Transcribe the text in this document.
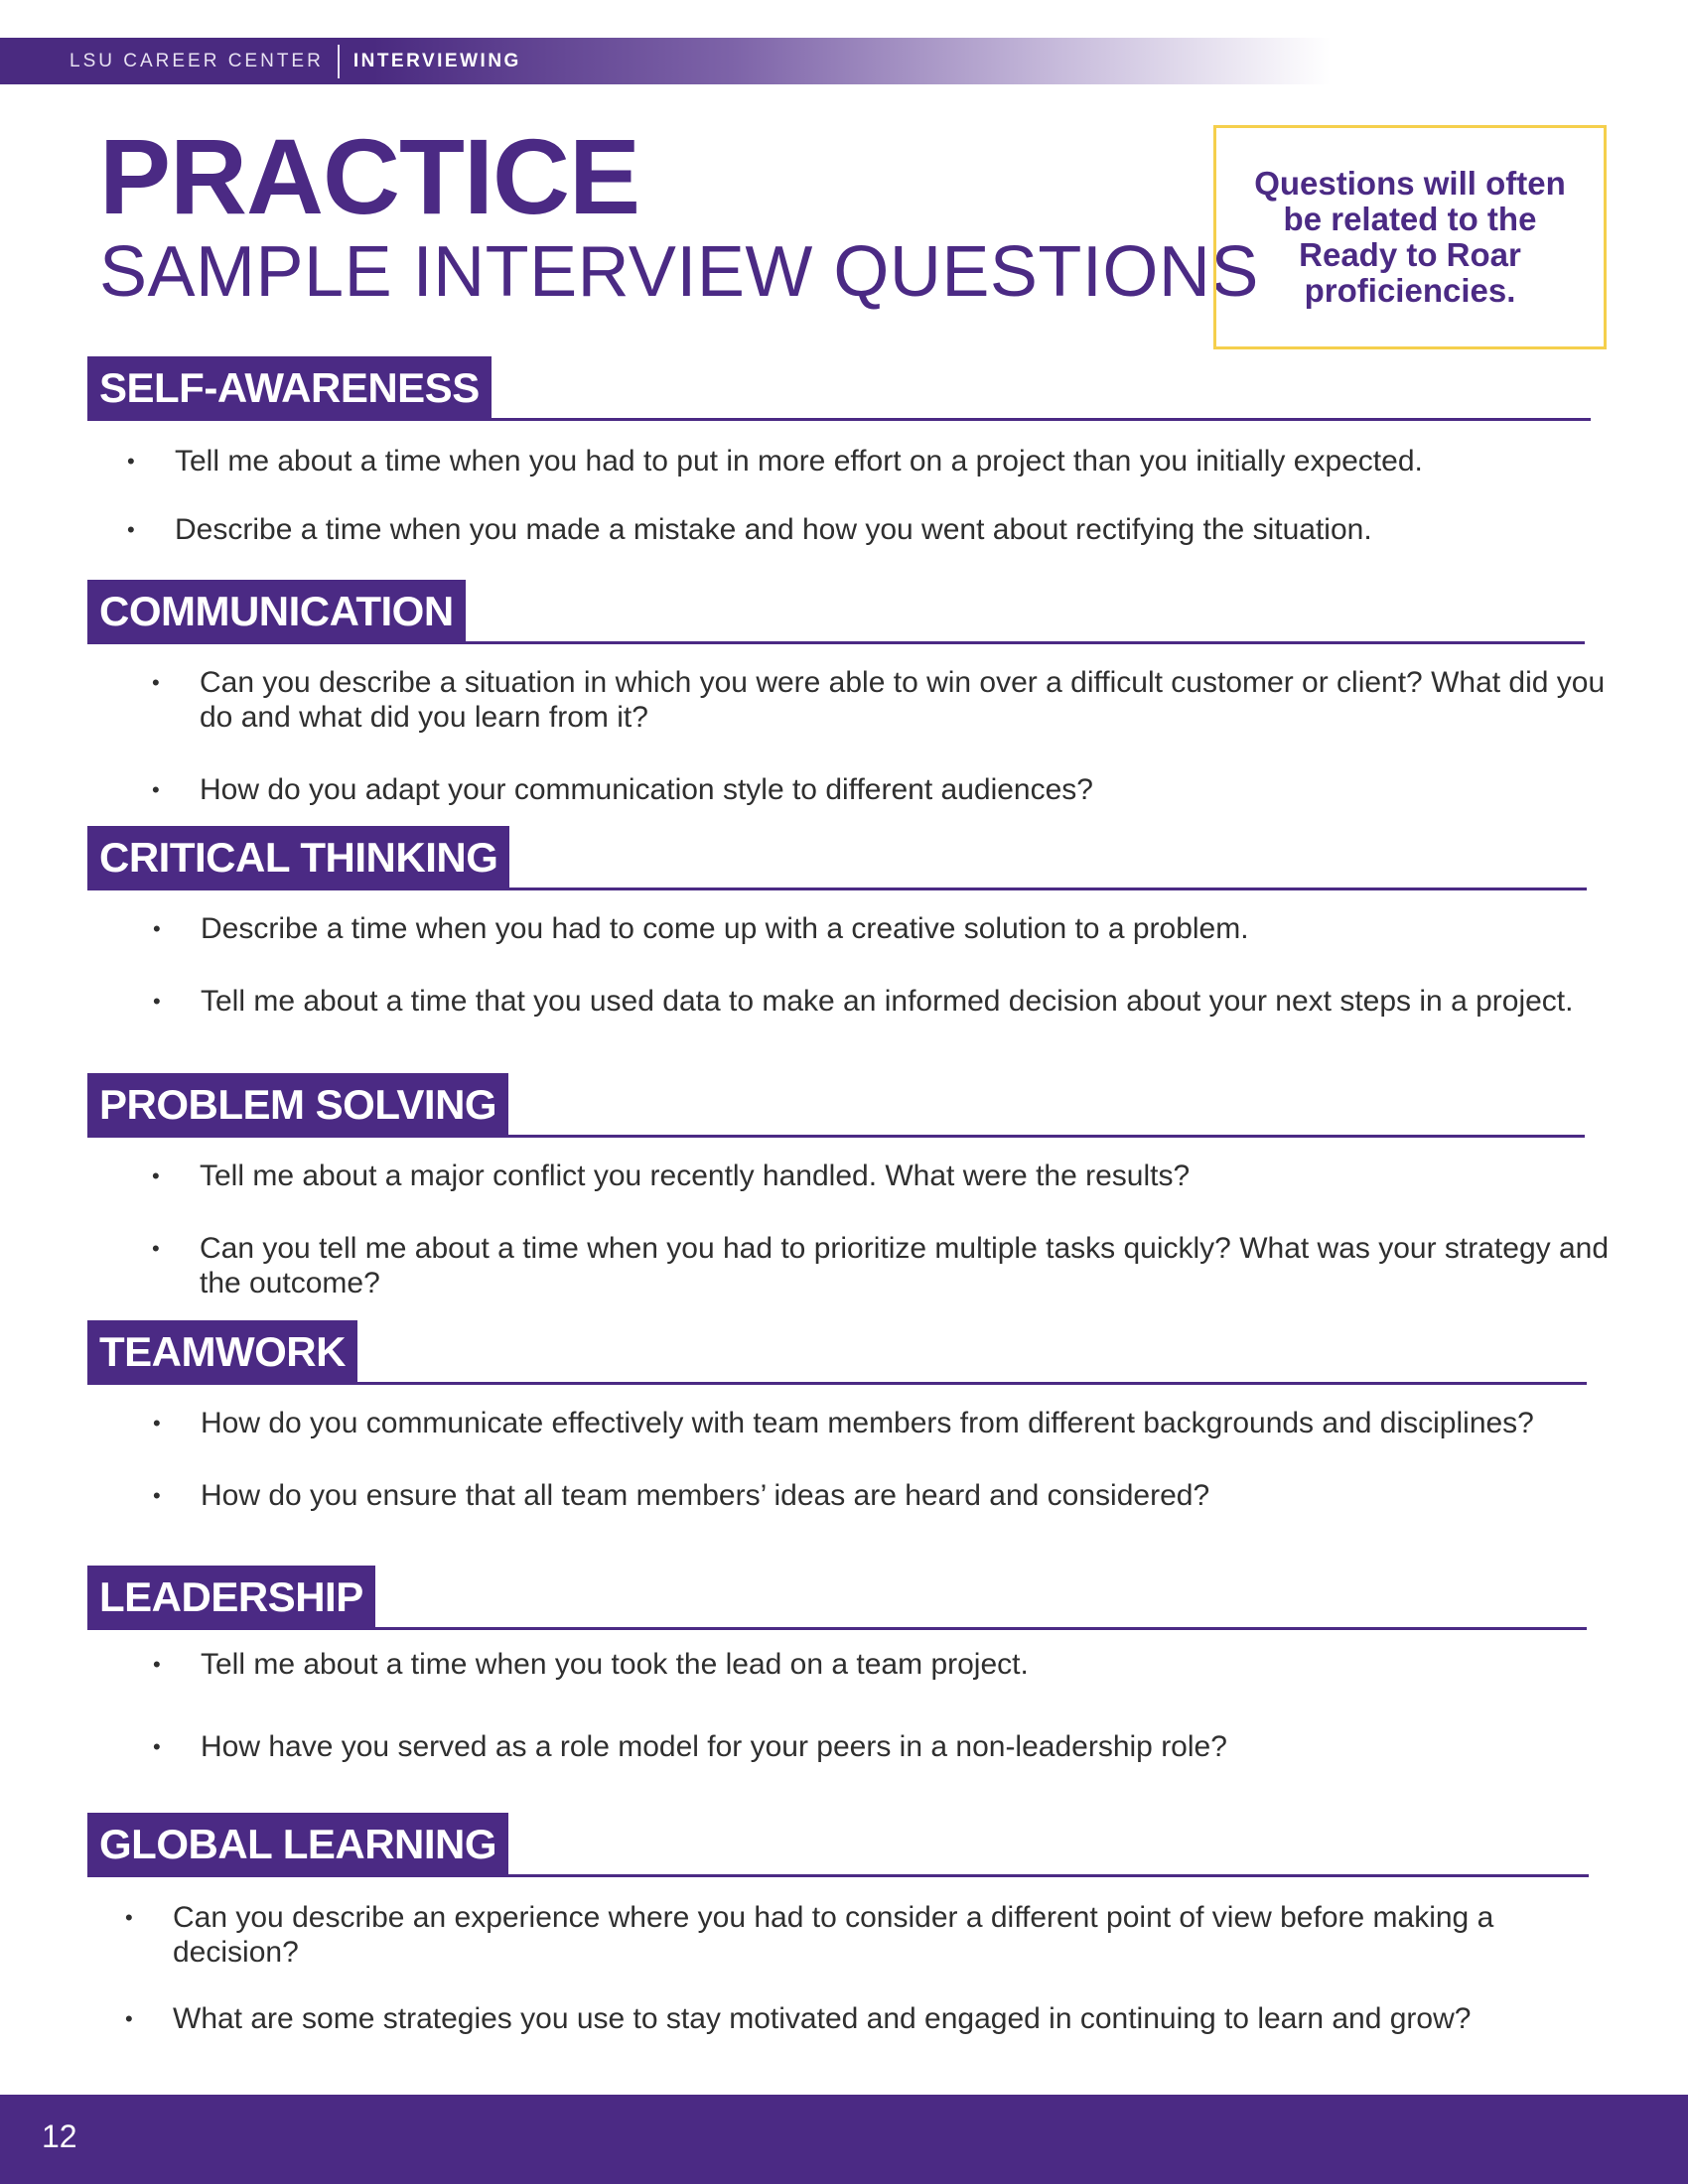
LSU CAREER CENTER	INTERVIEWING
PRACTICE
SAMPLE INTERVIEW QUESTIONS
Questions will often be related to the Ready to Roar proficiencies.
SELF-AWARENESS
• Tell me about a time when you had to put in more effort on a project than you initially expected.
• Describe a time when you made a mistake and how you went about rectifying the situation.
COMMUNICATION
• Can you describe a situation in which you were able to win over a difficult customer or client? What did you do and what did you learn from it?
• How do you adapt your communication style to different audiences?
CRITICAL THINKING
• Describe a time when you had to come up with a creative solution to a problem.
• Tell me about a time that you used data to make an informed decision about your next steps in a project.
PROBLEM SOLVING
• Tell me about a major conflict you recently handled. What were the results?
• Can you tell me about a time when you had to prioritize multiple tasks quickly? What was your strategy and the outcome?
TEAMWORK
• How do you communicate effectively with team members from different backgrounds and disciplines?
• How do you ensure that all team members’ ideas are heard and considered?
LEADERSHIP
• Tell me about a time when you took the lead on a team project.
• How have you served as a role model for your peers in a non-leadership role?
GLOBAL LEARNING
• Can you describe an experience where you had to consider a different point of view before making a decision?
• What are some strategies you use to stay motivated and engaged in continuing to learn and grow?
12
